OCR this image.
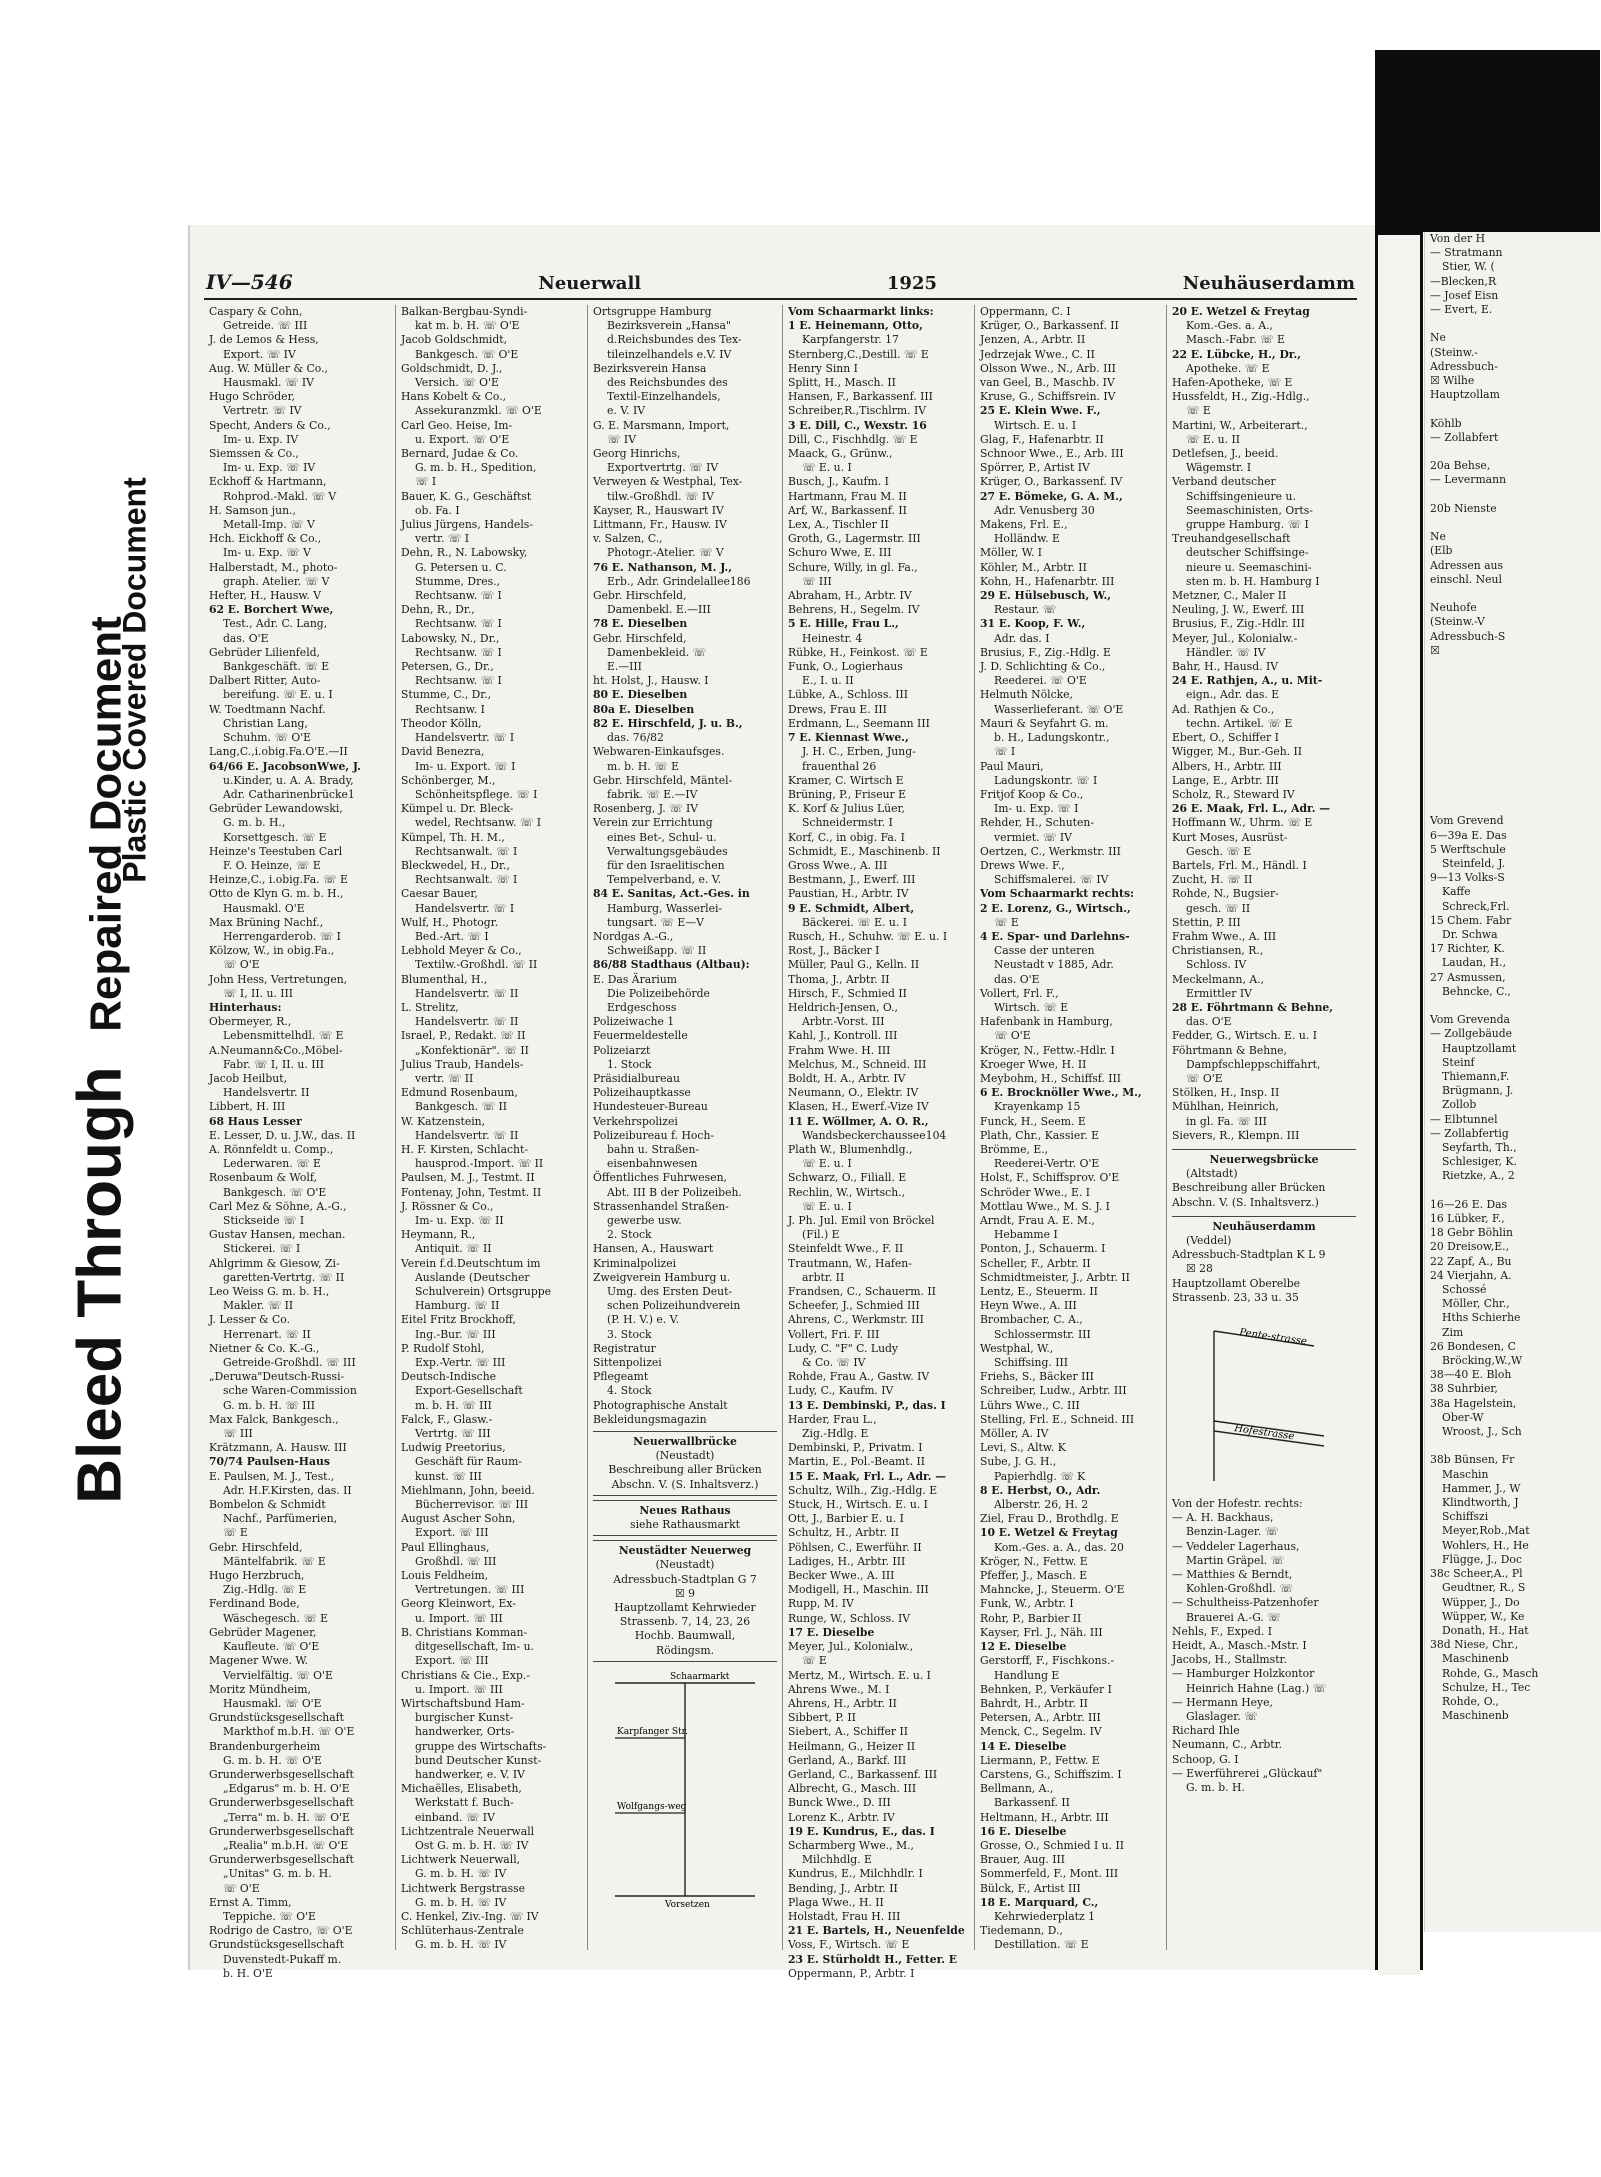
Bleed Through Repaired Document
Plastic Covered Document
IV—546	Neuerwall	1925	Neuhäuserdamm
Caspary & Cohn,
Getreide. ☏ III
J. de Lemos & Hess,
Export. ☏ IV
Aug. W. Müller & Co.,
Hausmakl. ☏ IV
Hugo Schröder,
Vertretr. ☏ IV
Specht, Anders & Co.,
Im- u. Exp. IV
Siemssen & Co.,
Im- u. Exp. ☏ IV
Eckhoff & Hartmann,
Rohprod.-Makl. ☏ V
H. Samson jun.,
Metall-Imp. ☏ V
Hch. Eickhoff & Co.,
Im- u. Exp. ☏ V
Halberstadt, M., photo-
graph. Atelier. ☏ V
Hefter, H., Hausw. V
62 E. Borchert Wwe,
Test., Adr. C. Lang,
das. O'E
Gebrüder Lilienfeld,
Bankgeschäft. ☏ E
Dalbert Ritter, Auto-
bereifung. ☏ E. u. I
W. Toedtmann Nachf.
Christian Lang,
Schuhm. ☏ O'E
Lang,C.,i.obig.Fa.O'E.—II
64/66 E. JacobsonWwe, J.
u.Kinder, u. A. A. Brady,
Adr. Catharinenbrücke1
Gebrüder Lewandowski,
G. m. b. H.,
Korsettgesch. ☏ E
Heinze's Teestuben Carl
F. O. Heinze, ☏ E
Heinze,C., i.obig.Fa. ☏ E
Otto de Klyn G. m. b. H.,
Hausmakl. O'E
Max Brüning Nachf.,
Herrengarderob. ☏ I
Kölzow, W., in obig.Fa.,
☏ O'E
John Hess, Vertretungen,
☏ I, II. u. III
Hinterhaus:
Obermeyer, R.,
Lebensmittelhdl. ☏ E
A.Neumann&Co.,Möbel-
Fabr. ☏ I, II. u. III
Jacob Heilbut,
Handelsvertr. II
Libbert, H. III
68 Haus Lesser
E. Lesser, D. u. J.W., das. II
A. Rönnfeldt u. Comp.,
Lederwaren. ☏ E
Rosenbaum & Wolf,
Bankgesch. ☏ O'E
Carl Mez & Söhne, A.-G.,
Stickseide ☏ I
Gustav Hansen, mechan.
Stickerei. ☏ I
Ahlgrimm & Giesow, Zi-
garetten-Vertrtg. ☏ II
Leo Weiss G. m. b. H.,
Makler. ☏ II
J. Lesser & Co.
Herrenart. ☏ II
Nietner & Co. K.-G.,
Getreide-Großhdl. ☏ III
„Deruwa"Deutsch-Russi-
sche Waren-Commission
G. m. b. H. ☏ III
Max Falck, Bankgesch.,
☏ III
Krätzmann, A. Hausw. III
70/74 Paulsen-Haus
E. Paulsen, M. J., Test.,
Adr. H.F.Kirsten, das. II
Bombelon & Schmidt
Nachf., Parfümerien,
☏ E
Gebr. Hirschfeld,
Mäntelfabrik. ☏ E
Hugo Herzbruch,
Zig.-Hdlg. ☏ E
Ferdinand Bode,
Wäschegesch. ☏ E
Gebrüder Magener,
Kaufleute. ☏ O'E
Magener Wwe. W.
Vervielfältig. ☏ O'E
Moritz Mündheim,
Hausmakl. ☏ O'E
Grundstücksgesellschaft
Markthof m.b.H. ☏ O'E
Brandenburgerheim
G. m. b. H. ☏ O'E
Grunderwerbsgesellschaft
„Edgarus" m. b. H. O'E
Grunderwerbsgesellschaft
„Terra" m. b. H. ☏ O'E
Grunderwerbsgesellschaft
„Realia" m.b.H. ☏ O'E
Grunderwerbsgesellschaft
„Unitas" G. m. b. H.
☏ O'E
Ernst A. Timm,
Teppiche. ☏ O'E
Rodrigo de Castro, ☏ O'E
Grundstücksgesellschaft
Duvenstedt-Pukaff m.
b. H. O'E
Balkan-Bergbau-Syndi-
kat m. b. H. ☏ O'E
Jacob Goldschmidt,
Bankgesch. ☏ O'E
Goldschmidt, D. J.,
Versich. ☏ O'E
Hans Kobelt & Co.,
Assekuranzmkl. ☏ O'E
Carl Geo. Heise, Im-
u. Export. ☏ O'E
Bernard, Judae & Co.
G. m. b. H., Spedition,
☏ I
Bauer, K. G., Geschäftst
ob. Fa. I
Julius Jürgens, Handels-
vertr. ☏ I
Dehn, R., N. Labowsky,
G. Petersen u. C.
Stumme, Dres.,
Rechtsanw. ☏ I
Dehn, R., Dr.,
Rechtsanw. ☏ I
Labowsky, N., Dr.,
Rechtsanw. ☏ I
Petersen, G., Dr.,
Rechtsanw. ☏ I
Stumme, C., Dr.,
Rechtsanw. I
Theodor Kölln,
Handelsvertr. ☏ I
David Benezra,
Im- u. Export. ☏ I
Schönberger, M.,
Schönheitspflege. ☏ I
Kümpel u. Dr. Bleck-
wedel, Rechtsanw. ☏ I
Kümpel, Th. H. M.,
Rechtsanwalt. ☏ I
Bleckwedel, H., Dr.,
Rechtsanwalt. ☏ I
Caesar Bauer,
Handelsvertr. ☏ I
Wulf, H., Photogr.
Bed.-Art. ☏ I
Lebhold Meyer & Co.,
Textilw.-Großhdl. ☏ II
Blumenthal, H.,
Handelsvertr. ☏ II
L. Strelitz,
Handelsvertr. ☏ II
Israel, P., Redakt. ☏ II
„Konfektionär". ☏ II
Julius Traub, Handels-
vertr. ☏ II
Edmund Rosenbaum,
Bankgesch. ☏ II
W. Katzenstein,
Handelsvertr. ☏ II
H. F. Kirsten, Schlacht-
hausprod.-Import. ☏ II
Paulsen, M. J., Testmt. II
Fontenay, John, Testmt. II
J. Rössner & Co.,
Im- u. Exp. ☏ II
Heymann, R.,
Antiquit. ☏ II
Verein f.d.Deutschtum im
Auslande (Deutscher
Schulverein) Ortsgruppe
Hamburg. ☏ II
Eitel Fritz Brockhoff,
Ing.-Bur. ☏ III
P. Rudolf Stohl,
Exp.-Vertr. ☏ III
Deutsch-Indische
Export-Gesellschaft
m. b. H. ☏ III
Falck, F., Glasw.-
Vertrtg. ☏ III
Ludwig Preetorius,
Geschäft für Raum-
kunst. ☏ III
Miehlmann, John, beeid.
Bücherrevisor. ☏ III
August Ascher Sohn,
Export. ☏ III
Paul Ellinghaus,
Großhdl. ☏ III
Louis Feldheim,
Vertretungen. ☏ III
Georg Kleinwort, Ex-
u. Import. ☏ III
B. Christians Komman-
ditgesellschaft, Im- u.
Export. ☏ III
Christians & Cie., Exp.-
u. Import. ☏ III
Wirtschaftsbund Ham-
burgischer Kunst-
handwerker, Orts-
gruppe des Wirtschafts-
bund Deutscher Kunst-
handwerker, e. V. IV
Michaëlles, Elisabeth,
Werkstatt f. Buch-
einband. ☏ IV
Lichtzentrale Neuerwall
Ost G. m. b. H. ☏ IV
Lichtwerk Neuerwall,
G. m. b. H. ☏ IV
Lichtwerk Bergstrasse
G. m. b. H. ☏ IV
C. Henkel, Ziv.-Ing. ☏ IV
Schlüterhaus-Zentrale
G. m. b. H. ☏ IV
Ortsgruppe Hamburg
Bezirksverein „Hansa"
d.Reichsbundes des Tex-
tileinzelhandels e.V. IV
Bezirksverein Hansa
des Reichsbundes des
Textil-Einzelhandels,
e. V. IV
G. E. Marsmann, Import,
☏ IV
Georg Hinrichs,
Exportvertrtg. ☏ IV
Verweyen & Westphal, Tex-
tilw.-Großhdl. ☏ IV
Kayser, R., Hauswart IV
Littmann, Fr., Hausw. IV
v. Salzen, C.,
Photogr.-Atelier. ☏ V
76 E. Nathanson, M. J.,
Erb., Adr. Grindelallee186
Gebr. Hirschfeld,
Damenbekl. E.—III
78 E. Dieselben
Gebr. Hirschfeld,
Damenbekleid. ☏
E.—III
ht. Holst, J., Hausw. I
80 E. Dieselben
80a E. Dieselben
82 E. Hirschfeld, J. u. B.,
das. 76/82
Webwaren-Einkaufsges.
m. b. H. ☏ E
Gebr. Hirschfeld, Mäntel-
fabrik. ☏ E.—IV
Rosenberg, J. ☏ IV
Verein zur Errichtung
eines Bet-, Schul- u.
Verwaltungsgebäudes
für den Israelitischen
Tempelverband, e. V.
84 E. Sanitas, Act.-Ges. in
Hamburg, Wasserlei-
tungsart. ☏ E—V
Nordgas A.-G.,
Schweißapp. ☏ II
86/88 Stadthaus (Altbau):
E. Das Ärarium
Die Polizeibehörde
Erdgeschoss
Polizeiwache 1
Feuermeldestelle
Polizeiarzt
1. Stock
Präsidialbureau
Polizeihauptkasse
Hundesteuer-Bureau
Verkehrspolizei
Polizeibureau f. Hoch-
bahn u. Straßen-
eisenbahnwesen
Öffentliches Fuhrwesen,
Abt. III B der Polizeibeh.
Strassenhandel Straßen-
gewerbe usw.
2. Stock
Hansen, A., Hauswart
Kriminalpolizei
Zweigverein Hamburg u.
Umg. des Ersten Deut-
schen Polizeihundverein
(P. H. V.) e. V.
3. Stock
Registratur
Sittenpolizei
Pflegeamt
4. Stock
Photographische Anstalt
Bekleidungsmagazin
Neuerwallbrücke
(Neustadt)
Beschreibung aller Brücken
Abschn. V. (S. Inhaltsverz.)
Neues Rathaus
siehe Rathausmarkt
Neustädter Neuerweg
(Neustadt)
Adressbuch-Stadtplan G 7
☒ 9
Hauptzollamt Kehrwieder
Strassenb. 7, 14, 23, 26
Hochb. Baumwall,
Rödingsm.
Schaarmarkt
Karpfanger Str.
Wolfgangs-weg
Vorsetzen
Vom Schaarmarkt links:
1 E. Heinemann, Otto,
Karpfangerstr. 17
Sternberg,C.,Destill. ☏ E
Henry Sinn I
Splitt, H., Masch. II
Hansen, F., Barkassenf. III
Schreiber,R.,Tischlrm. IV
3 E. Dill, C., Wexstr. 16
Dill, C., Fischhdlg. ☏ E
Maack, G., Grünw.,
☏ E. u. I
Busch, J., Kaufm. I
Hartmann, Frau M. II
Arf, W., Barkassenf. II
Lex, A., Tischler II
Groth, G., Lagermstr. III
Schuro Wwe, E. III
Schure, Willy, in gl. Fa.,
☏ III
Abraham, H., Arbtr. IV
Behrens, H., Segelm. IV
5 E. Hille, Frau L.,
Heinestr. 4
Rübke, H., Feinkost. ☏ E
Funk, O., Logierhaus
E., I. u. II
Lübke, A., Schloss. III
Drews, Frau E. III
Erdmann, L., Seemann III
7 E. Kiennast Wwe.,
J. H. C., Erben, Jung-
frauenthal 26
Kramer, C. Wirtsch E
Brüning, P., Friseur E
K. Korf & Julius Lüer,
Schneidermstr. I
Korf, C., in obig. Fa. I
Schmidt, E., Maschinenb. II
Gross Wwe., A. III
Bestmann, J., Ewerf. III
Paustian, H., Arbtr. IV
9 E. Schmidt, Albert,
Bäckerei. ☏ E. u. I
Rusch, H., Schuhw. ☏ E. u. I
Rost, J., Bäcker I
Müller, Paul G., Kelln. II
Thoma, J., Arbtr. II
Hirsch, F., Schmied II
Heldrich-Jensen, O.,
Arbtr.-Vorst. III
Kahl, J., Kontroll. III
Frahm Wwe. H. III
Melchus, M., Schneid. III
Boldt, H. A., Arbtr. IV
Neumann, O., Elektr. IV
Klasen, H., Ewerf.-Vize IV
11 E. Wöllmer, A. O. R.,
Wandsbeckerchaussee104
Plath W., Blumenhdlg.,
☏ E. u. I
Schwarz, O., Filiall. E
Rechlin, W., Wirtsch.,
☏ E. u. I
J. Ph. Jul. Emil von Bröckel
(Fil.) E
Steinfeldt Wwe., F. II
Trautmann, W., Hafen-
arbtr. II
Frandsen, C., Schauerm. II
Scheefer, J., Schmied III
Ahrens, C., Werkmstr. III
Vollert, Fri. F. III
Ludy, C. "F" C. Ludy
& Co. ☏ IV
Rohde, Frau A., Gastw. IV
Ludy, C., Kaufm. IV
13 E. Dembinski, P., das. I
Harder, Frau L.,
Zig.-Hdlg. E
Dembinski, P., Privatm. I
Martin, E., Pol.-Beamt. II
15 E. Maak, Frl. L., Adr. —
Schultz, Wilh., Zig.-Hdlg. E
Stuck, H., Wirtsch. E. u. I
Ott, J., Barbier E. u. I
Schultz, H., Arbtr. II
Pöhlsen, C., Ewerführ. II
Ladiges, H., Arbtr. III
Becker Wwe., A. III
Modigell, H., Maschin. III
Rupp, M. IV
Runge, W., Schloss. IV
17 E. Dieselbe
Meyer, Jul., Kolonialw.,
☏ E
Mertz, M., Wirtsch. E. u. I
Ahrens Wwe., M. I
Ahrens, H., Arbtr. II
Sibbert, P. II
Siebert, A., Schiffer II
Heilmann, G., Heizer II
Gerland, A., Barkf. III
Gerland, C., Barkassenf. III
Albrecht, G., Masch. III
Bunck Wwe., D. III
Lorenz K., Arbtr. IV
19 E. Kundrus, E., das. I
Scharmberg Wwe., M.,
Milchhdlg. E
Kundrus, E., Milchhdlr. I
Bending, J., Arbtr. II
Plaga Wwe., H. II
Holstadt, Frau H. III
21 E. Bartels, H., Neuenfelde
Voss, F., Wirtsch. ☏ E
23 E. Stürholdt H., Fetter. E
Oppermann, P., Arbtr. I
Oppermann, C. I
Krüger, O., Barkassenf. II
Jenzen, A., Arbtr. II
Jedrzejak Wwe., C. II
Olsson Wwe., N., Arb. III
van Geel, B., Maschb. IV
Kruse, G., Schiffsrein. IV
25 E. Klein Wwe. F.,
Wirtsch. E. u. I
Glag, F., Hafenarbtr. II
Schnoor Wwe., E., Arb. III
Spörrer, P., Artist IV
Krüger, O., Barkassenf. IV
27 E. Bömeke, G. A. M.,
Adr. Venusberg 30
Makens, Frl. E.,
Holländw. E
Möller, W. I
Köhler, M., Arbtr. II
Kohn, H., Hafenarbtr. III
29 E. Hülsebusch, W.,
Restaur. ☏
31 E. Koop, F. W.,
Adr. das. I
Brusius, F., Zig.-Hdlg. E
J. D. Schlichting & Co.,
Reederei. ☏ O'E
Helmuth Nölcke,
Wasserlieferant. ☏ O'E
Mauri & Seyfahrt G. m.
b. H., Ladungskontr.,
☏ I
Paul Mauri,
Ladungskontr. ☏ I
Fritjof Koop & Co.,
Im- u. Exp. ☏ I
Rehder, H., Schuten-
vermiet. ☏ IV
Oertzen, C., Werkmstr. III
Drews Wwe. F.,
Schiffsmalerei. ☏ IV
Vom Schaarmarkt rechts:
2 E. Lorenz, G., Wirtsch.,
☏ E
4 E. Spar- und Darlehns-
Casse der unteren
Neustadt v 1885, Adr.
das. O'E
Vollert, Frl. F.,
Wirtsch. ☏ E
Hafenbank in Hamburg,
☏ O'E
Kröger, N., Fettw.-Hdlr. I
Kroeger Wwe, H. II
Meybohm, H., Schiffsf. III
6 E. Brocknöller Wwe., M.,
Krayenkamp 15
Funck, H., Seem. E
Plath, Chr., Kassier. E
Brömme, E.,
Reederei-Vertr. O'E
Holst, F., Schiffsprov. O'E
Schröder Wwe., E. I
Mottlau Wwe., M. S. J. I
Arndt, Frau A. E. M.,
Hebamme I
Ponton, J., Schauerm. I
Scheller, F., Arbtr. II
Schmidtmeister, J., Arbtr. II
Lentz, E., Steuerm. II
Heyn Wwe., A. III
Brombacher, C. A.,
Schlossermstr. III
Westphal, W.,
Schiffsing. III
Friehs, S., Bäcker III
Schreiber, Ludw., Arbtr. III
Lührs Wwe., C. III
Stelling, Frl. E., Schneid. III
Möller, A. IV
Levi, S., Altw. K
Sube, J. G. H.,
Papierhdlg. ☏ K
8 E. Herbst, O., Adr.
Alberstr. 26, H. 2
Ziel, Frau D., Brothdlg. E
10 E. Wetzel & Freytag
Kom.-Ges. a. A., das. 20
Kröger, N., Fettw. E
Pfeffer, J., Masch. E
Mahncke, J., Steuerm. O'E
Funk, W., Arbtr. I
Rohr, P., Barbier II
Kayser, Frl. J., Näh. III
12 E. Dieselbe
Gerstorff, F., Fischkons.-
Handlung E
Behnken, P., Verkäufer I
Bahrdt, H., Arbtr. II
Petersen, A., Arbtr. III
Menck, C., Segelm. IV
14 E. Dieselbe
Liermann, P., Fettw. E
Carstens, G., Schiffszim. I
Bellmann, A.,
Barkassenf. II
Heltmann, H., Arbtr. III
16 E. Dieselbe
Grosse, O., Schmied I u. II
Brauer, Aug. III
Sommerfeld, F., Mont. III
Bülck, F., Artist III
18 E. Marquard, C.,
Kehrwiederplatz 1
Tiedemann, D.,
Destillation. ☏ E
20 E. Wetzel & Freytag
Kom.-Ges. a. A.,
Masch.-Fabr. ☏ E
22 E. Lübcke, H., Dr.,
Apotheke. ☏ E
Hafen-Apotheke, ☏ E
Hussfeldt, H., Zig.-Hdlg.,
☏ E
Martini, W., Arbeiterart.,
☏ E. u. II
Detlefsen, J., beeid.
Wägemstr. I
Verband deutscher
Schiffsingenieure u.
Seemaschinisten, Orts-
gruppe Hamburg. ☏ I
Treuhandgesellschaft
deutscher Schiffsinge-
nieure u. Seemaschini-
sten m. b. H. Hamburg I
Metzner, C., Maler II
Neuling, J. W., Ewerf. III
Brusius, F., Zig.-Hdlr. III
Meyer, Jul., Kolonialw.-
Händler. ☏ IV
Bahr, H., Hausd. IV
24 E. Rathjen, A., u. Mit-
eign., Adr. das. E
Ad. Rathjen & Co.,
techn. Artikel. ☏ E
Ebert, O., Schiffer I
Wigger, M., Bur.-Geh. II
Albers, H., Arbtr. III
Lange, E., Arbtr. III
Scholz, R., Steward IV
26 E. Maak, Frl. L., Adr. —
Hoffmann W., Uhrm. ☏ E
Kurt Moses, Ausrüst-
Gesch. ☏ E
Bartels, Frl. M., Händl. I
Zucht, H. ☏ II
Rohde, N., Bugsier-
gesch. ☏ II
Stettin, P. III
Frahm Wwe., A. III
Christiansen, R.,
Schloss. IV
Meckelmann, A.,
Ermittler IV
28 E. Föhrtmann & Behne,
das. O'E
Fedder, G., Wirtsch. E. u. I
Föhrtmann & Behne,
Dampfschleppschiffahrt,
☏ O'E
Stölken, H., Insp. II
Mühlhan, Heinrich,
in gl. Fa. ☏ III
Sievers, R., Klempn. III
Neuerwegsbrücke
(Altstadt)
Beschreibung aller Brücken
Abschn. V. (S. Inhaltsverz.)
Neuhäuserdamm
(Veddel)
Adressbuch-Stadtplan K L 9
☒ 28
Hauptzollamt Oberelbe
Strassenb. 23, 33 u. 35
Pente-strasse
Hofestrasse
Von der Hofestr. rechts:
— A. H. Backhaus,
Benzin-Lager. ☏
— Veddeler Lagerhaus,
Martin Gräpel. ☏
— Matthies & Berndt,
Kohlen-Großhdl. ☏
— Schultheiss-Patzenhofer
Brauerei A.-G. ☏
Nehls, F., Exped. I
Heidt, A., Masch.-Mstr. I
Jacobs, H., Stallmstr.
— Hamburger Holzkontor
Heinrich Hahne (Lag.) ☏
— Hermann Heye,
Glaslager. ☏
Richard Ihle
Neumann, C., Arbtr.
Schoop, G. I
— Ewerführerei „Glückauf"
G. m. b. H.
Von der H
— Stratmann
Stier, W. (
—Blecken,R
— Josef Eisn
— Evert, E.

Ne
(Steinw.-
Adressbuch-
☒ Wilhe
Hauptzollam

Köhlb
— Zollabfert

20a Behse,
— Levermann

20b Nienste

Ne
(Elb
Adressen aus
einschl. Neul

Neuhofe
(Steinw.-V
Adressbuch-S
☒

Vom Grevend
6—39a E. Das
5 Werftschule
Steinfeld, J.
9—13 Volks-S
Kaffe
Schreck,Frl.
15 Chem. Fabr
Dr. Schwa
17 Richter, K.
Laudan, H.,
27 Asmussen,
Behncke, C.,

Vom Grevenda
— Zollgebäude
Hauptzollamt
Steinf
Thiemann,F.
Brügmann, J.
Zollob
— Elbtunnel
— Zollabfertig
Seyfarth, Th.,
Schlesiger, K.
Rietzke, A., 2

16—26 E. Das
16 Lübker, F.,
18 Gebr Böhlin
20 Dreisow,E.,
22 Zapf, A., Bu
24 Vierjahn, A.
Schossé
Möller, Chr.,
Hths Schierhe
Zim
26 Bondesen, C
Bröcking,W.,W
38—40 E. Bloh
38 Suhrbier,
38a Hagelstein,
Ober-W
Wroost, J., Sch

38b Bünsen, Fr
Maschin
Hammer, J., W
Klindtworth, J
Schiffszi
Meyer,Rob.,Mat
Wohlers, H., He
Flügge, J., Doc
38c Scheer,A., Pl
Geudtner, R., S
Wüpper, J., Do
Wüpper, W., Ke
Donath, H., Hat
38d Niese, Chr.,
Maschinenb
Rohde, G., Masch
Schulze, H., Tec
Rohde, O.,
Maschinenb
